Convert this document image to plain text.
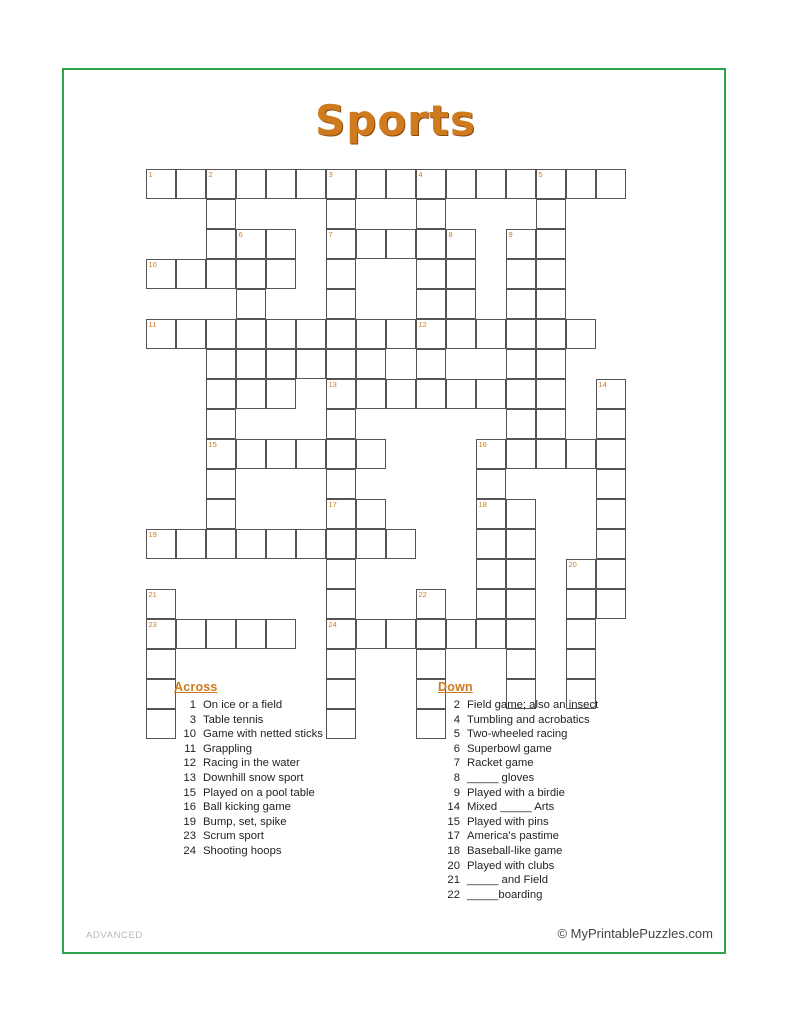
Sports
1	2	3	4	5
6	7	8	9
10
11	12
13	14
15	16
17	18
19
20
21	22
23	24
Across
1 On ice or a field
3 Table tennis
10 Game with netted sticks
11 Grappling
12 Racing in the water
13 Downhill snow sport
15 Played on a pool table
16 Ball kicking game
19 Bump, set, spike
23 Scrum sport
24 Shooting hoops
Down
2 Field game; also an insect
4 Tumbling and acrobatics
5 Two-wheeled racing
6 Superbowl game
7 Racket game
8 _____ gloves
9 Played with a birdie
14 Mixed _____ Arts
15 Played with pins
17 America's pastime
18 Baseball-like game
20 Played with clubs
21 _____ and Field
22 _____boarding
ADVANCED	© MyPrintablePuzzles.com
